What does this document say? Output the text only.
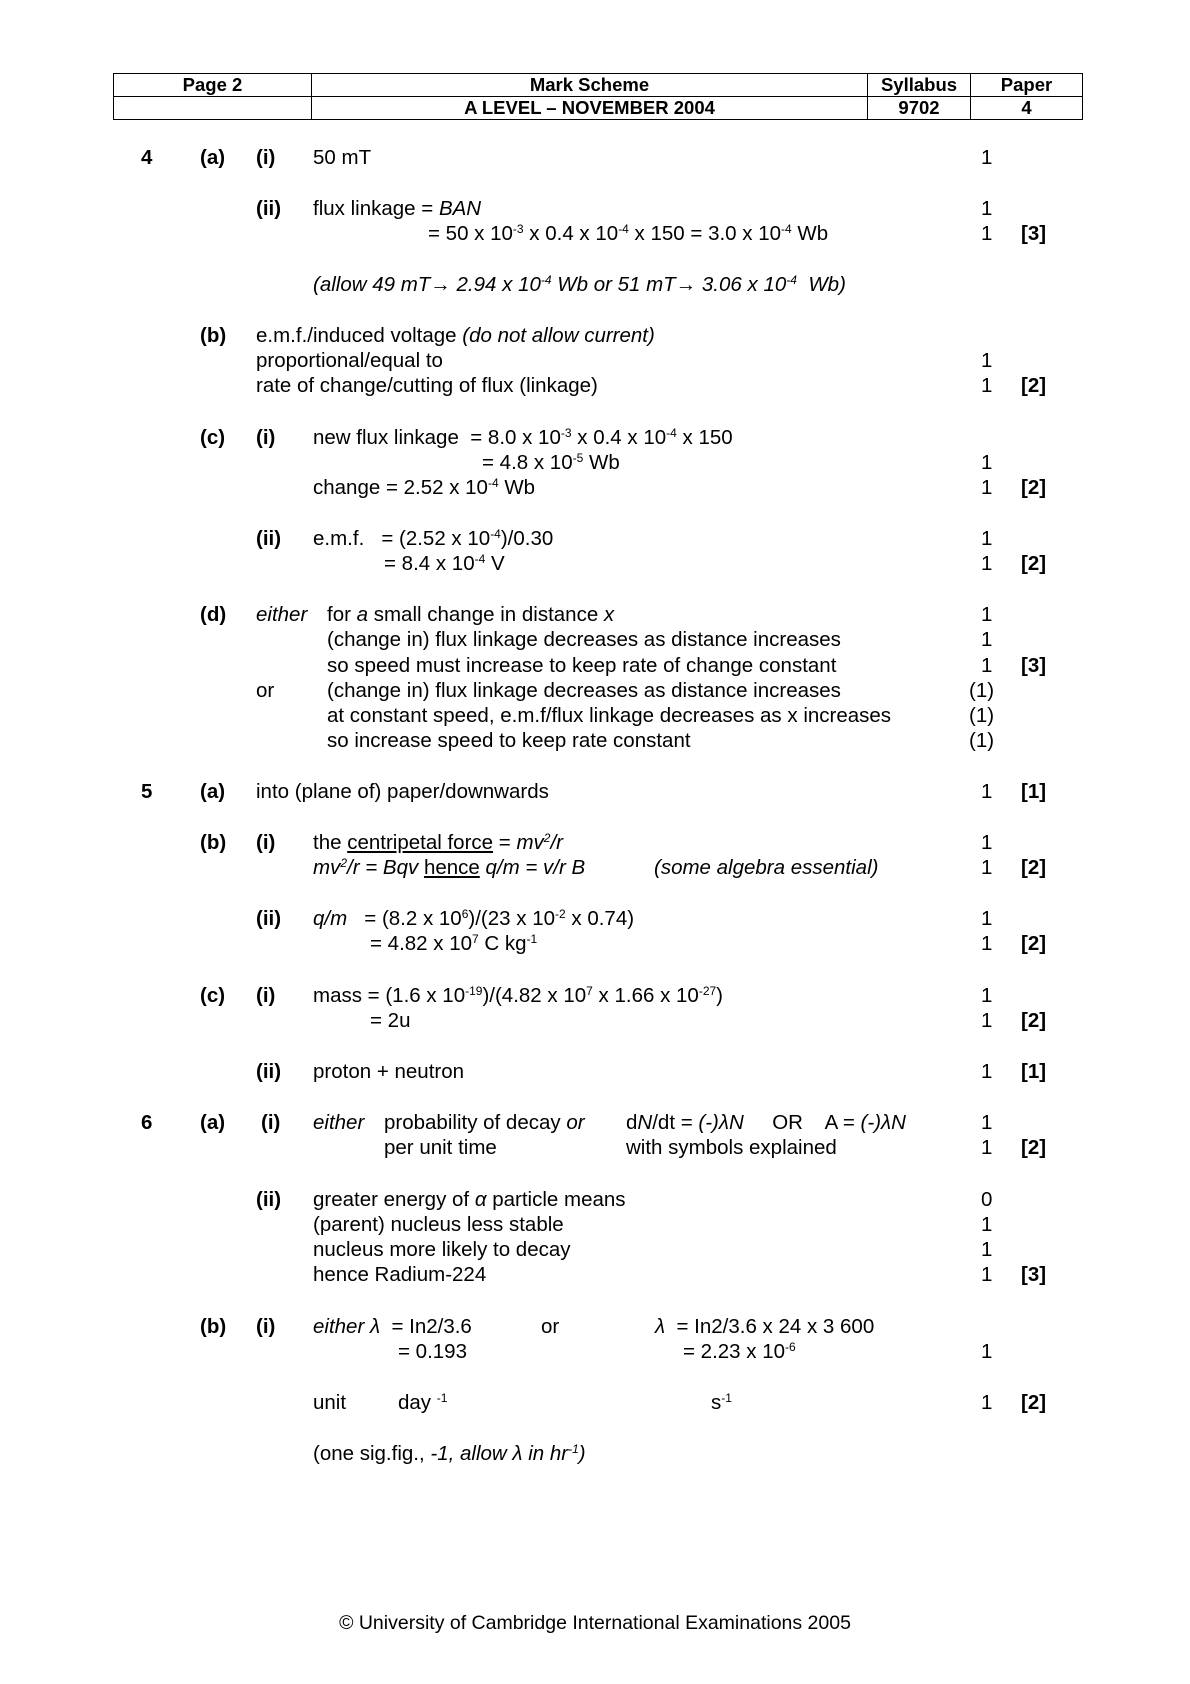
Page 2	Mark Scheme	Syllabus	Paper
	A LEVEL – NOVEMBER 2004	9702	4
4 (a) (i) 50 mT	1
(ii) flux linkage = BAN	1
= 50 x $10^{-3}$ x 0.4 x $10^{-4}$ x 150 = 3.0 x $10^{-4}$ Wb	1 [3]
(allow 49 mT→ 2.94 x $10^{-4}$ Wb or 51 mT→ 3.06 x $10^{-4}$  Wb)
(b) e.m.f./induced voltage (do not allow current)
proportional/equal to	1
rate of change/cutting of flux (linkage)	1 [2]
(c) (i) new flux linkage  = 8.0 x $10^{-3}$ x 0.4 x $10^{-4}$ x 150
= 4.8 x $10^{-5}$ Wb	1
change = 2.52 x $10^{-4}$ Wb	1 [2]
(ii) e.m.f.   = (2.52 x $10^{-4})/0.30$	1
= 8.4 x $10^{-4}$ V	1 [2]
(d) either for a small change in distance x	1
(change in) flux linkage decreases as distance increases	1
so speed must increase to keep rate of change constant	1 [3]
or	(change in) flux linkage decreases as distance increases	(1)
at constant speed, e.m.f/flux linkage decreases as x increases	(1)
so increase speed to keep rate constant	(1)
5 (a) into (plane of) paper/downwards	1 [1]
(b) (i) the centripetal force = $mv^2/r$	1
$mv^2/r$ = Bqv hence q/m = v/r B	(some algebra essential)	1 [2]
(ii) q/m   = (8.2 x $10^6)/(23$ x $10^{-2}$ x 0.74)	1
= 4.82 x $10^7$ C $kg^{-1}$	1 [2]
(c) (i) mass = (1.6 x $10^{-19})/(4.82$ x $10^7$ x 1.66 x $10^{-27}$)	1
= 2u	1 [2]
(ii) proton + neutron	1 [1]
6 (a) (i) either probability of decay or dN/dt = (-)λN     OR    A = (-)λN	1
per unit time	with symbols explained	1 [2]
(ii) greater energy of α particle means	0
(parent) nucleus less stable	1
nucleus more likely to decay	1
hence Radium-224	1 [3]
(b) (i) either λ  = In2/3.6	or	λ  = In2/3.6 x 24 x 3 600
= 0.193	= 2.23 x $10^{-6}$	1
unit	day $^{-1}$	$s^{-1}$	1 [2]
(one sig.fig., -1, allow λ in $hr^{-1}$)
© University of Cambridge International Examinations 2005
